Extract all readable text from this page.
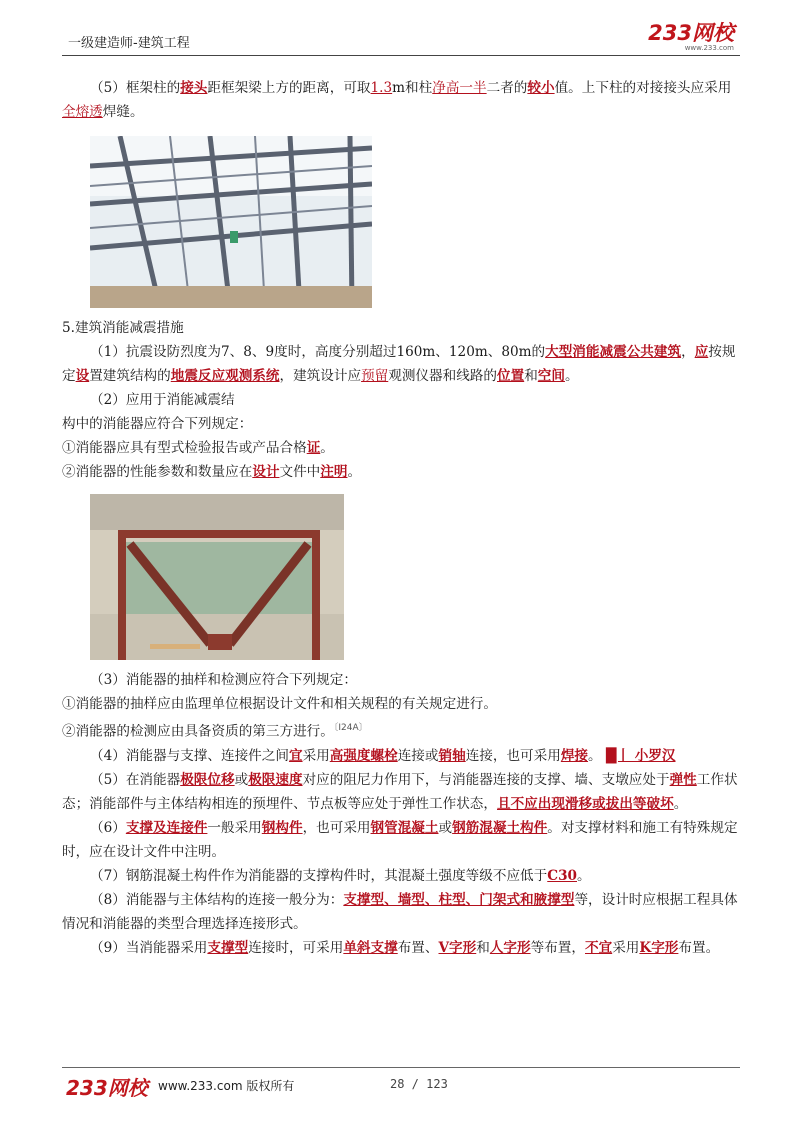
一级建造师-建筑工程	233网校
www.233.com

（5）框架柱的接头距框架梁上方的距离，可取1.3m和柱净高一半二者的较小值。上下柱的对接接头应采用全熔透焊缝。

5.建筑消能减震措施

（1）抗震设防烈度为7、8、9度时，高度分别超过160m、120m、80m的大型消能减震公共建筑，应按规定设置建筑结构的地震反应观测系统，建筑设计应预留观测仪器和线路的位置和空间。

（2）应用于消能减震结

构中的消能器应符合下列规定：

①消能器应具有型式检验报告或产品合格证。

②消能器的性能参数和数量应在设计文件中注明。

（3）消能器的抽样和检测应符合下列规定：

①消能器的抽样应由监理单位根据设计文件和相关规程的有关规定进行。

②消能器的检测应由具备资质的第三方进行。$^{〔Ⅰ24A〕}$

（4）消能器与支撑、连接件之间宜采用高强度螺栓连接或销轴连接，也可采用焊接。 █丨 小罗汉

（5）在消能器极限位移或极限速度对应的阻尼力作用下，与消能器连接的支撑、墙、支墩应处于弹性工作状态；消能部件与主体结构相连的预埋件、节点板等应处于弹性工作状态，且不应出现滑移或拔出等破坏。

（6）支撑及连接件一般采用钢构件，也可采用钢管混凝土或钢筋混凝土构件。对支撑材料和施工有特殊规定时，应在设计文件中注明。

（7）钢筋混凝土构件作为消能器的支撑构件时，其混凝土强度等级不应低于C30。

（8）消能器与主体结构的连接一般分为：支撑型、墙型、柱型、门架式和腋撑型等，设计时应根据工程具体情况和消能器的类型合理选择连接形式。

（9）当消能器采用支撑型连接时，可采用单斜支撑布置、V字形和人字形等布置，不宜采用K字形布置。

233网校 www.233.com 版权所有	28 / 123
